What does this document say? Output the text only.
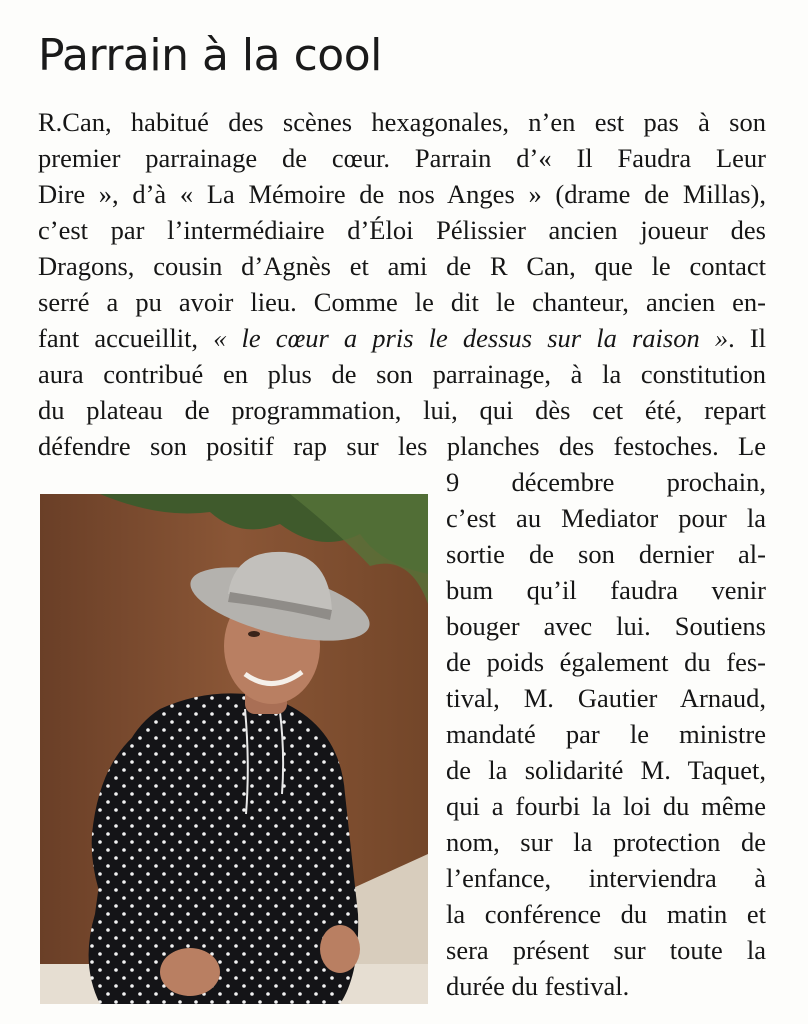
Parrain à la cool

R.Can, habitué des scènes hexagonales, n’en est pas à son

premier parrainage de cœur. Parrain d’« Il Faudra Leur

Dire », d’à « La Mémoire de nos Anges » (drame de Millas),

c’est par l’intermédiaire d’Éloi Pélissier ancien joueur des

Dragons, cousin d’Agnès et ami de R Can, que le contact

serré a pu avoir lieu. Comme le dit le chanteur, ancien en-

fant accueillit, « le cœur a pris le dessus sur la raison ». Il

aura contribué en plus de son parrainage, à la constitution

du plateau de programmation, lui, qui dès cet été, repart

défendre son positif rap sur les planches des festoches. Le

9 décembre prochain,

c’est au Mediator pour la

sortie de son dernier al-

bum qu’il faudra venir

bouger avec lui. Soutiens

de poids également du fes-

tival, M. Gautier Arnaud,

mandaté par le ministre

de la solidarité M. Taquet,

qui a fourbi la loi du même

nom, sur la protection de

l’enfance, interviendra à

la conférence du matin et

sera présent sur toute la

durée du festival.
